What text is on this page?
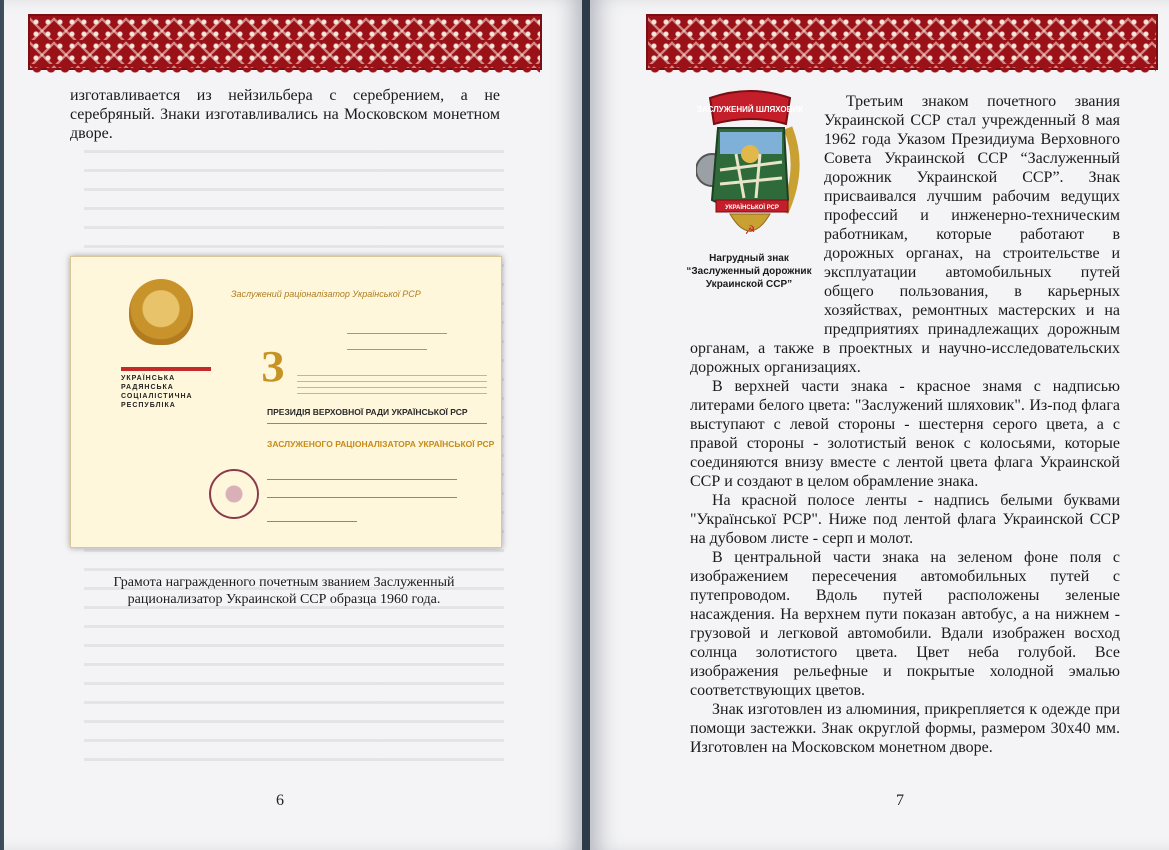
изготавливается из нейзильбера с серебрением, а не серебряный. Знаки изготавливались на Московском монетном дворе.
УКРАЇНСЬКА РАДЯНСЬКА СОЦІАЛІСТИЧНА РЕСПУБЛІКА
Заслужений раціоналізатор Української РСР
З
ПРЕЗИДІЯ ВЕРХОВНОЇ РАДИ УКРАЇНСЬКОЇ РСР
ЗАСЛУЖЕНОГО РАЦІОНАЛІЗАТОРА УКРАЇНСЬКОЇ РСР
Грамота награжденного почетным званием Заслуженный рационализатор Украинской ССР образца 1960 года.
6

Третьим знаком почетного звания Украинской ССР стал учрежденный 8 мая 1962 года Указом Президиума Верховного Совета Украинской ССР “Заслуженный дорожник Украинской ССР”. Знак присваивался лучшим рабочим ведущих профессий и инженерно-техническим работникам, которые работают в дорожных органах, на строительстве и эксплуатации автомобильных путей общего пользования, в карьерных хозяйствах, ремонтных мастерских и на предприятиях принадлежащих дорожным органам, а также в проектных и научно-исследовательских дорожных организациях.

В верхней части знака - красное знамя с надписью литерами белого цвета: "Заслужений шляховик". Из-под флага выступают с левой стороны - шестерня серого цвета, а с правой стороны - золотистый венок с колосьями, которые соединяются внизу вместе с лентой цвета флага Украинской ССР и создают в целом обрамление знака.

На красной полосе ленты - надпись белыми буквами "Української РСР". Ниже под лентой флага Украинской ССР на дубовом листе - серп и молот.

В центральной части знака на зеленом фоне поля с изображением пересечения автомобильных путей с путепроводом. Вдоль путей расположены зеленые насаждения. На верхнем пути показан автобус, а на нижнем - грузовой и легковой автомобили. Вдали изображен восход солнца золотистого цвета. Цвет неба голубой. Все изображения рельефные и покрытые холодной эмалью соответствующих цветов.

Знак изготовлен из алюминия, прикрепляется к одежде при помощи застежки. Знак округлой формы, размером 30х40 мм. Изготовлен на Московском монетном дворе.

7
ЗАСЛУЖЕНИЙ ШЛЯХОВИК
УКРАЇНСЬКОЇ РСР
☭
Нагрудный знак “Заслуженный дорожник Украинской ССР”
